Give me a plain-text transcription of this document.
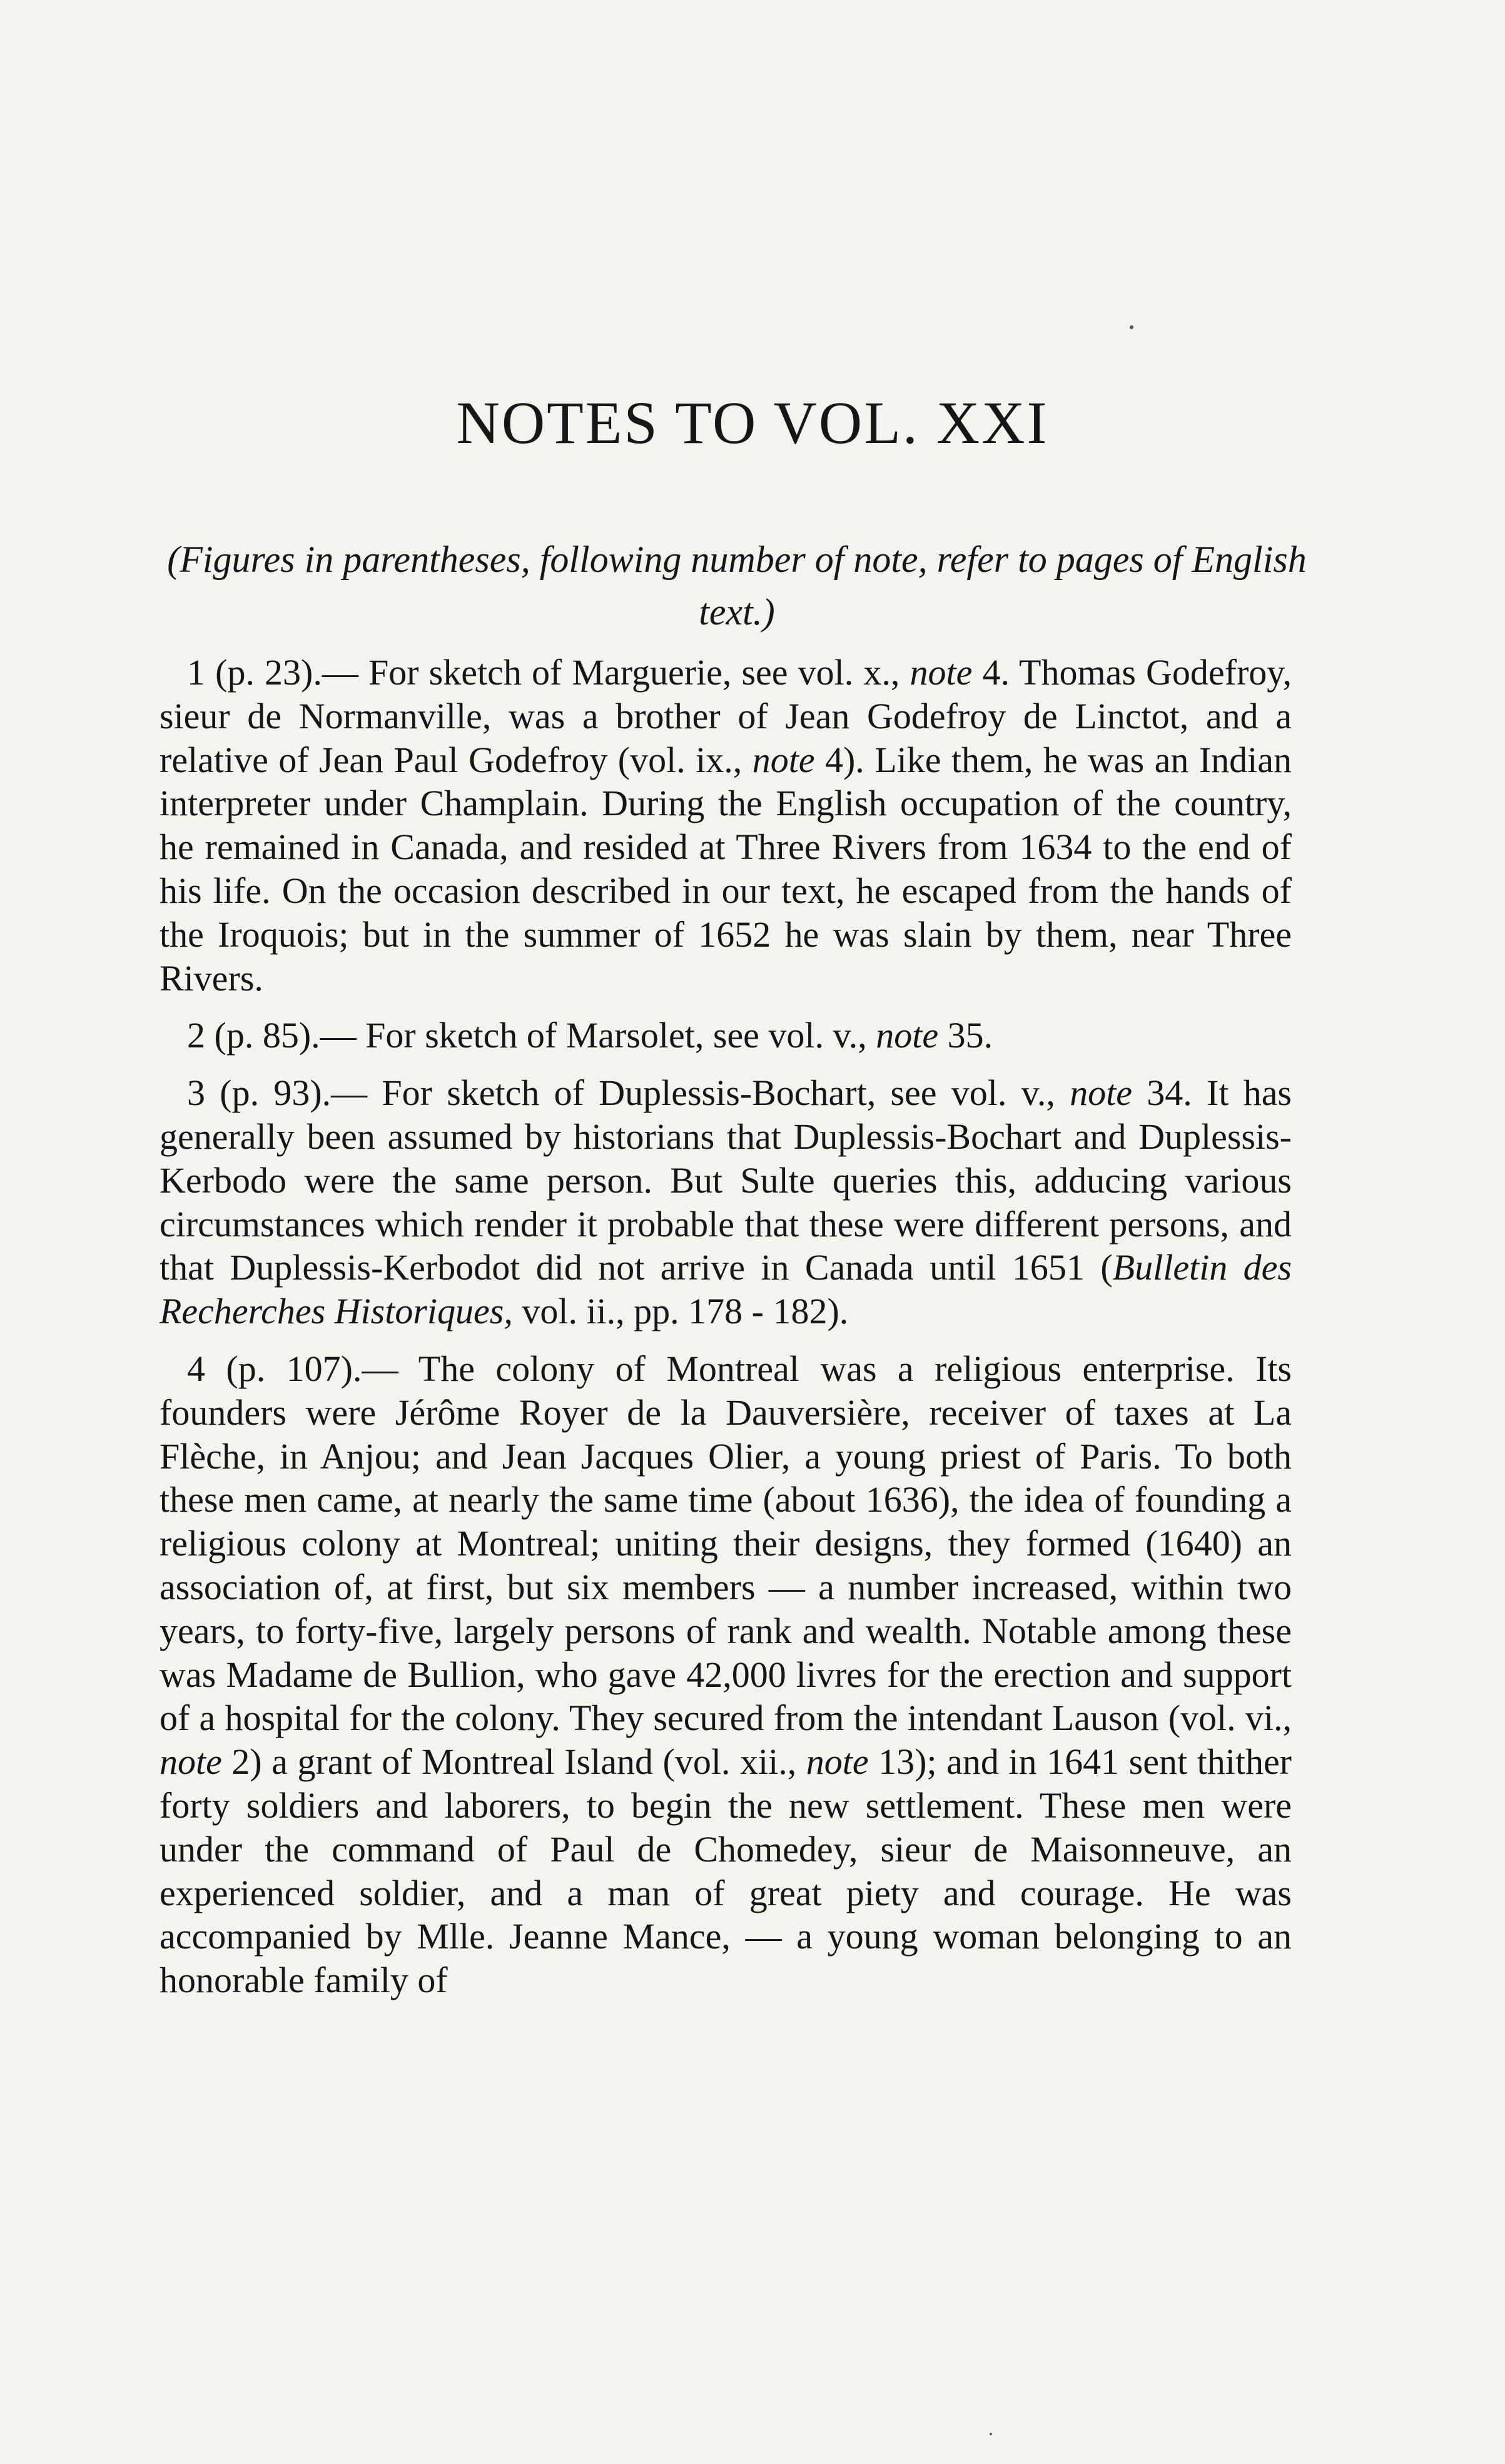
NOTES TO VOL. XXI

(Figures in parentheses, following number of note, refer to pages of English text.)

1 (p. 23).— For sketch of Marguerie, see vol. x., note 4. Thomas Godefroy, sieur de Normanville, was a brother of Jean Godefroy de Linctot, and a relative of Jean Paul Godefroy (vol. ix., note 4). Like them, he was an Indian interpreter under Champlain. During the English occupation of the country, he remained in Canada, and resided at Three Rivers from 1634 to the end of his life. On the occasion described in our text, he escaped from the hands of the Iroquois; but in the summer of 1652 he was slain by them, near Three Rivers.

2 (p. 85).— For sketch of Marsolet, see vol. v., note 35.

3 (p. 93).— For sketch of Duplessis-Bochart, see vol. v., note 34. It has generally been assumed by historians that Duplessis-Bochart and Duplessis-Kerbodo were the same person. But Sulte queries this, adducing various circumstances which render it probable that these were different persons, and that Duplessis-Kerbodot did not arrive in Canada until 1651 (Bulletin des Recherches Historiques, vol. ii., pp. 178 - 182).

4 (p. 107).— The colony of Montreal was a religious enterprise. Its founders were Jérôme Royer de la Dauversière, receiver of taxes at La Flèche, in Anjou; and Jean Jacques Olier, a young priest of Paris. To both these men came, at nearly the same time (about 1636), the idea of founding a religious colony at Montreal; uniting their designs, they formed (1640) an association of, at first, but six members — a number increased, within two years, to forty-five, largely persons of rank and wealth. Notable among these was Madame de Bullion, who gave 42,000 livres for the erection and support of a hospital for the colony. They secured from the intendant Lauson (vol. vi., note 2) a grant of Montreal Island (vol. xii., note 13); and in 1641 sent thither forty soldiers and laborers, to begin the new settlement. These men were under the command of Paul de Chomedey, sieur de Maisonneuve, an experienced soldier, and a man of great piety and courage. He was accompanied by Mlle. Jeanne Mance, — a young woman belonging to an honorable family of
